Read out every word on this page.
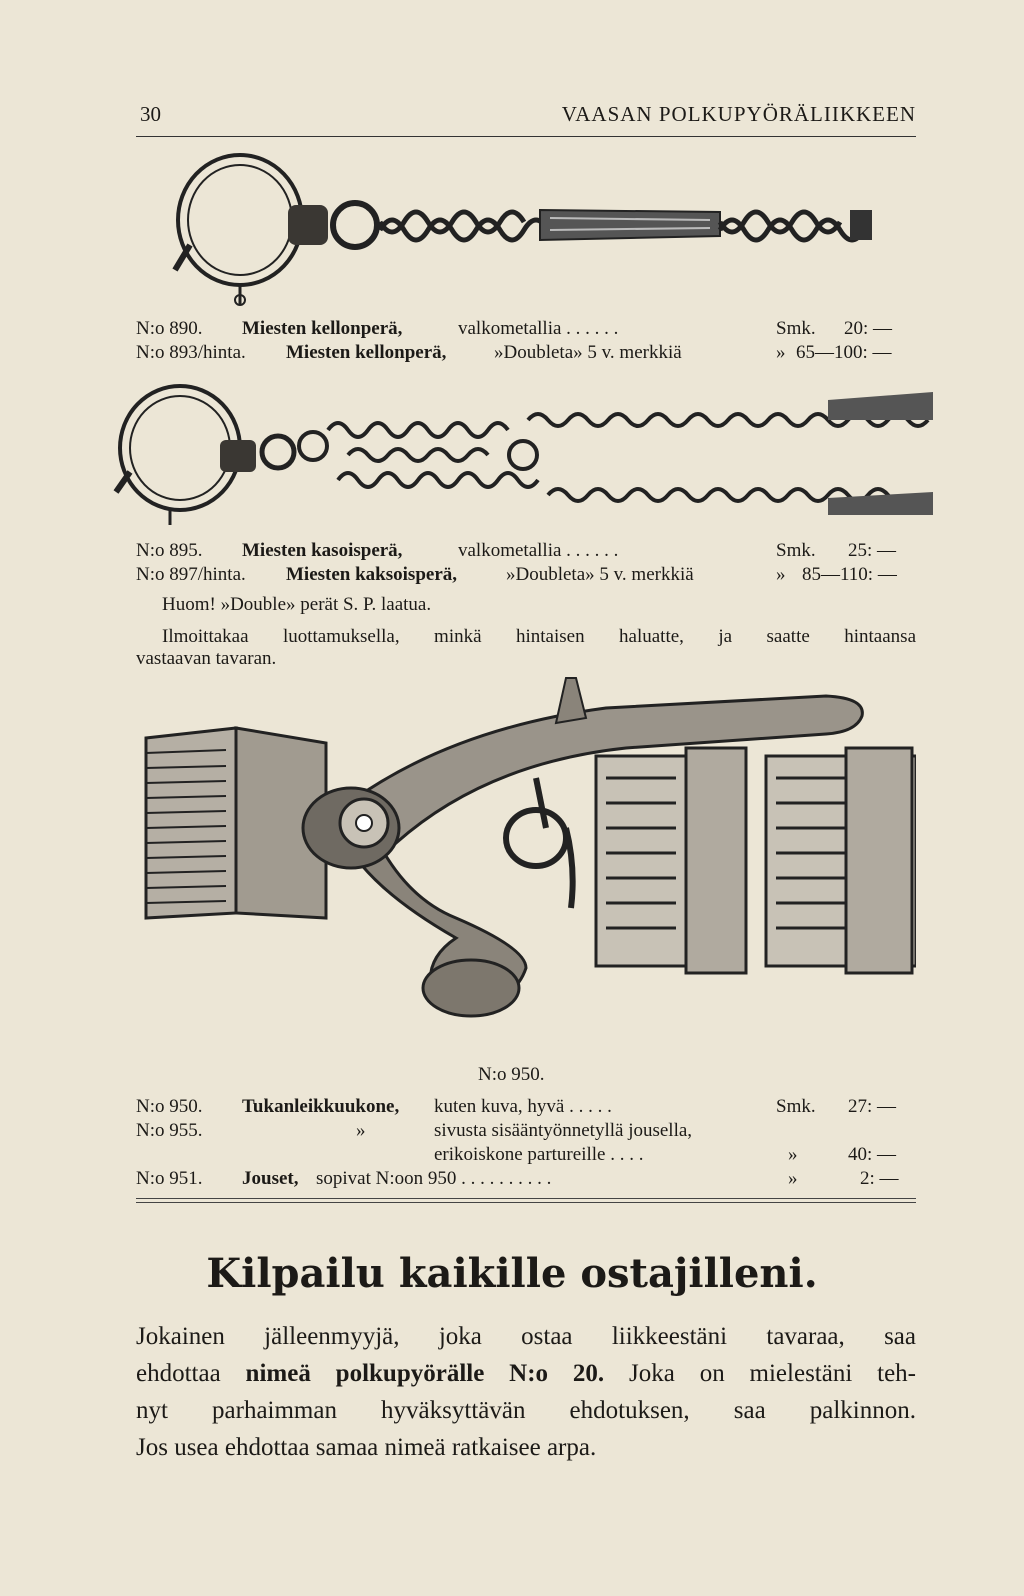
30	VAASAN POLKUPYÖRÄLIIKKEEN
N:o 890. Miesten kellonperä,	valkometallia . . . . . .	Smk. 20: —
N:o 893/hinta. Miesten kellonperä,	»Doubleta» 5 v. merkkiä	» 65—100: —
N:o 895. Miesten kasoisperä,	valkometallia . . . . . .	Smk. 25: —
N:o 897/hinta. Miesten kaksoisperä,	»Doubleta» 5 v. merkkiä	» 85—110: —
Huom! »Double» perät S. P. laatua.
Ilmoittakaa luottamuksella, minkä hintaisen haluatte, ja saatte hintaansa
vastaavan tavaran.
N:o 950.
N:o 950. Tukanleikkuukone, kuten kuva, hyvä . . . . .	Smk. 27: —
N:o 955.	»	sivusta sisääntyönnetyllä jousella,
erikoiskone partureille . . . .	»	40: —
N:o 951. Jouset, sopivat N:oon 950 . . . . . . . . . .	»	2: —
Kilpailu kaikille ostajilleni.
Jokainen jälleenmyyjä, joka ostaa liikkeestäni tavaraa, saa
ehdottaa nimeä polkupyörälle N:o 20. Joka on mielestäni teh-
nyt parhaimman hyväksyttävän ehdotuksen, saa palkinnon.
Jos usea ehdottaa samaa nimeä ratkaisee arpa.
